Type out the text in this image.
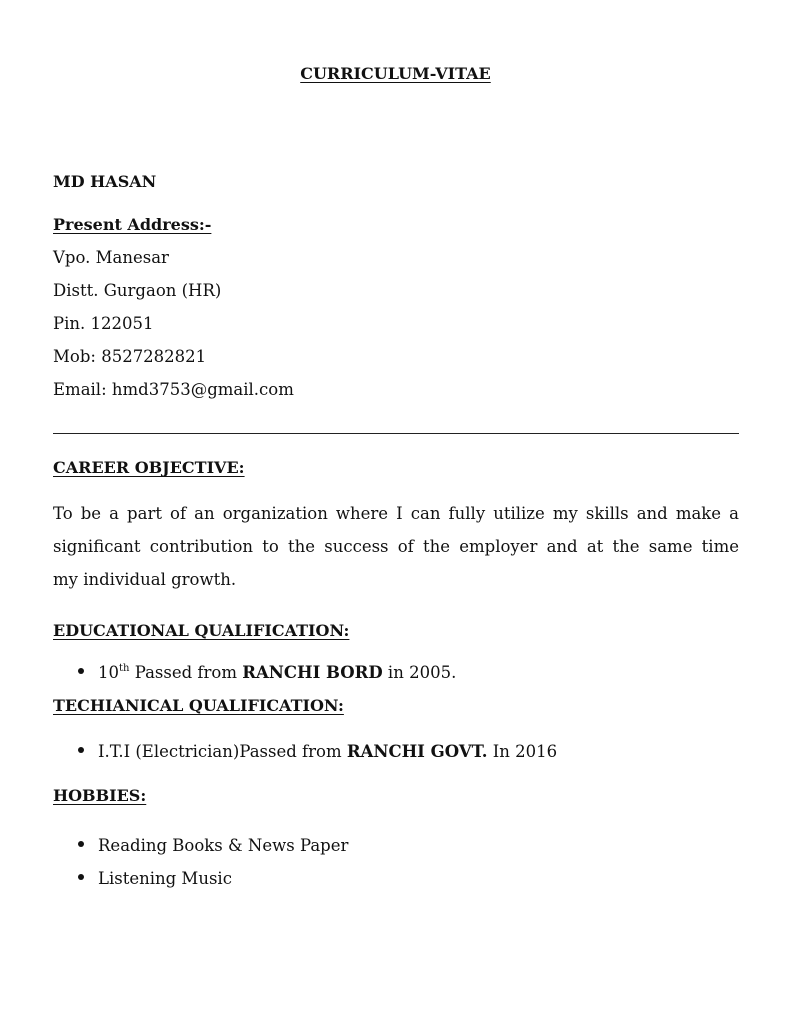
CURRICULUM-VITAE
MD HASAN
Present Address:-
Vpo. Manesar
Distt. Gurgaon (HR)
Pin. 122051
Mob: 8527282821
Email: hmd3753@gmail.com
CAREER OBJECTIVE:
To be a part of an organization where I can fully utilize my skills and make a
significant contribution to the success of the employer and at the same time
my individual growth.
EDUCATIONAL QUALIFICATION:
10th Passed from RANCHI BORD in 2005.
TECHIANICAL QUALIFICATION:
I.T.I (Electrician)Passed from RANCHI GOVT. In 2016
HOBBIES:
Reading Books & News Paper
Listening Music
